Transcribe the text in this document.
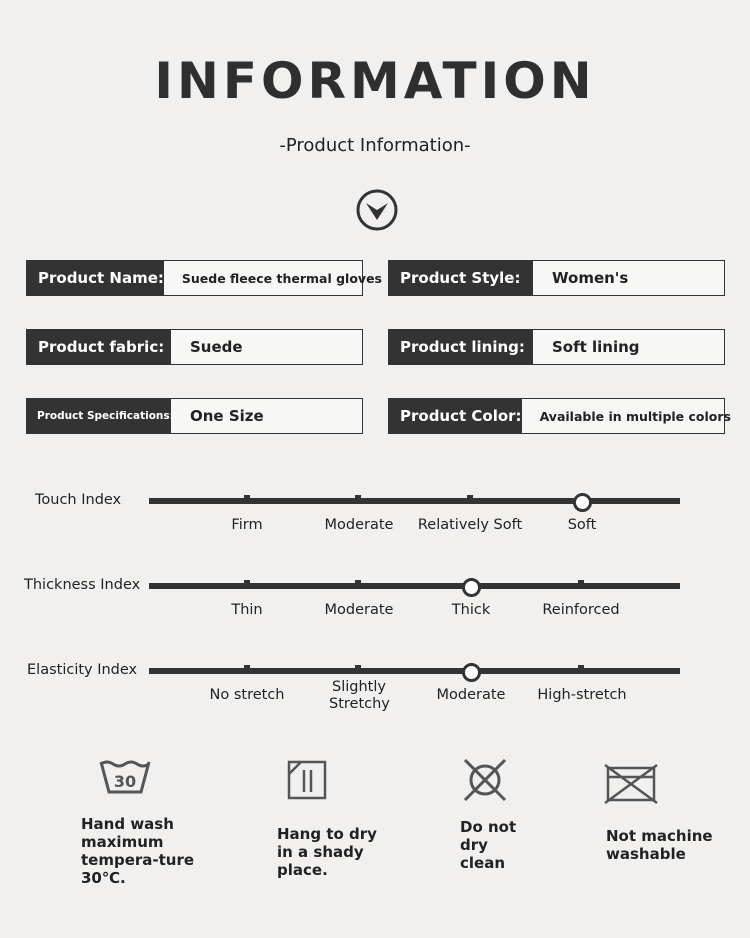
INFORMATION
-Product Information-
Product Name:	Suede fleece thermal gloves	Product Style:	Women's
Product fabric:	Suede	Product lining:	Soft lining
Product Specifications:	One Size	Product Color:	Available in multiple colors
Touch Index
Firm	Moderate	Relatively Soft	Soft
Thickness Index
Thin	Moderate	Thick	Reinforced
Elasticity Index
No stretch	Slightly Stretchy
Moderate	High-stretch
30
Hand wash maximum tempera-ture 30℃.
Hang to dry in a shady place.
Do not dry clean
Not machine washable
